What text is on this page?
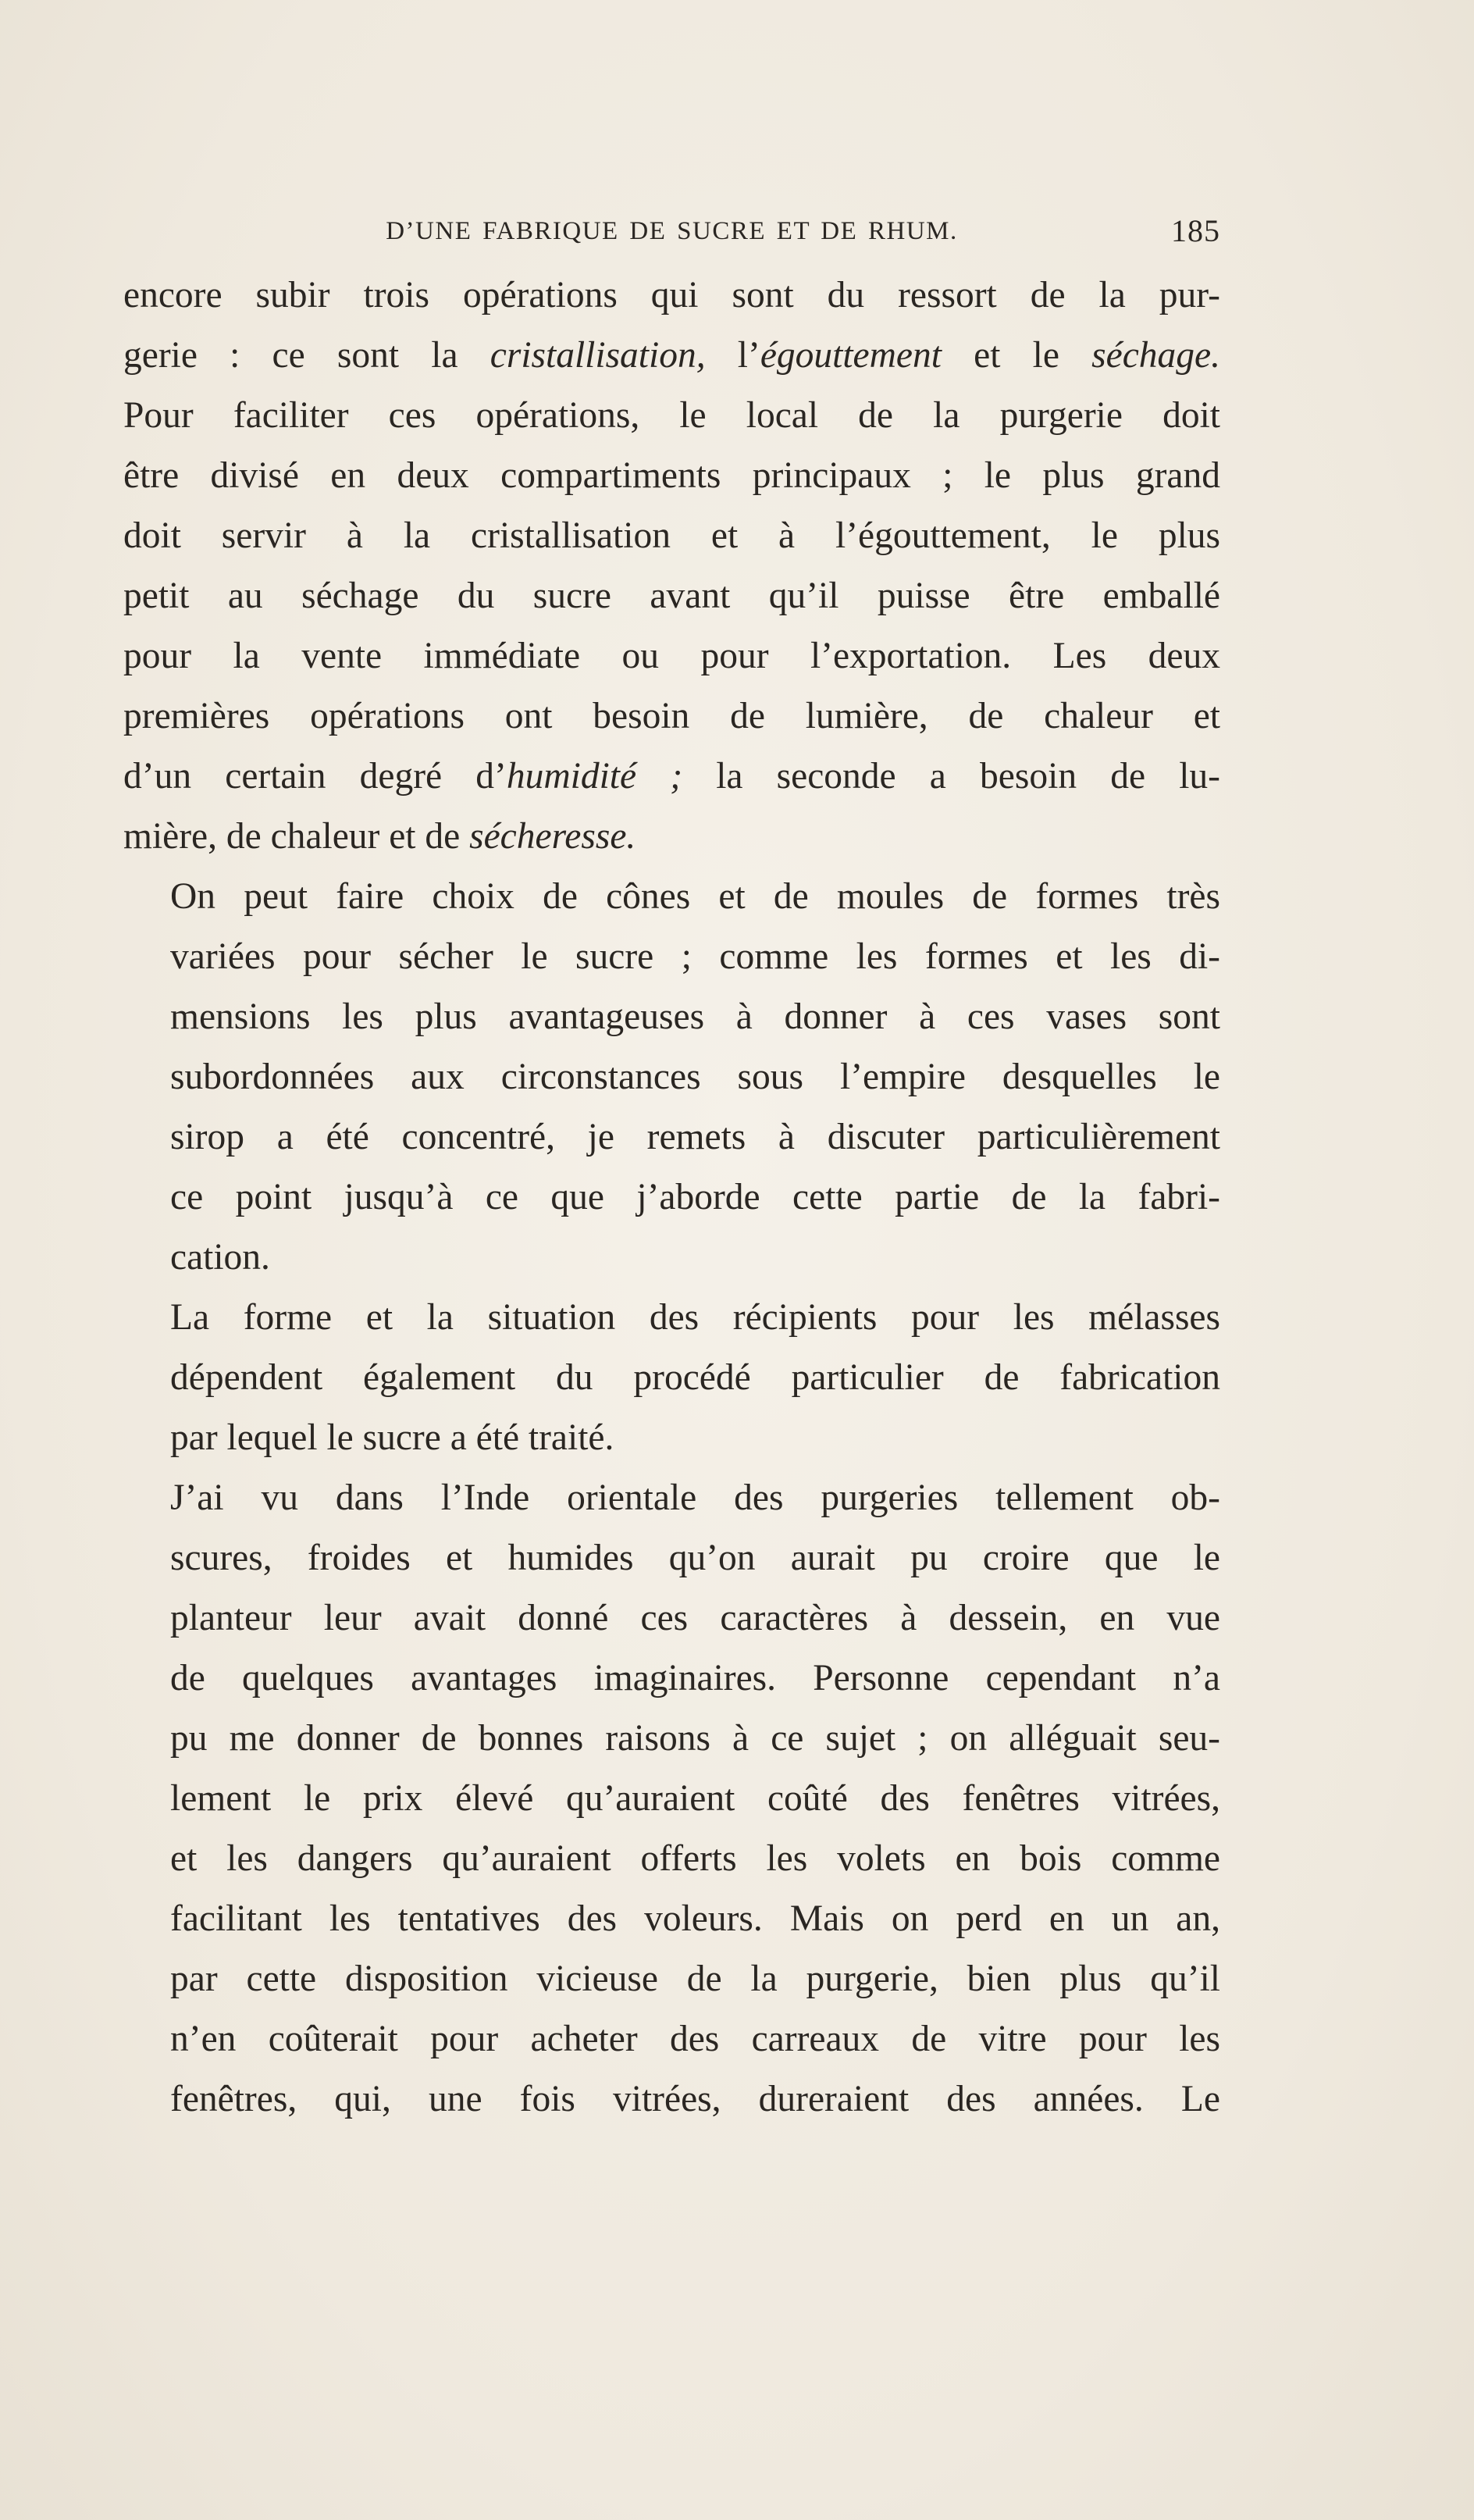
D’UNE FABRIQUE DE SUCRE ET DE RHUM.	185

encore subir trois opérations qui sont du ressort de la pur-
gerie : ce sont la cristallisation, l’égouttement et le séchage.
Pour faciliter ces opérations, le local de la purgerie doit
être divisé en deux compartiments principaux ; le plus grand
doit servir à la cristallisation et à l’égouttement, le plus
petit au séchage du sucre avant qu’il puisse être emballé
pour la vente immédiate ou pour l’exportation. Les deux
premières opérations ont besoin de lumière, de chaleur et
d’un certain degré d’humidité ; la seconde a besoin de lu-
mière, de chaleur et de sécheresse.

On peut faire choix de cônes et de moules de formes très
variées pour sécher le sucre ; comme les formes et les di-
mensions les plus avantageuses à donner à ces vases sont
subordonnées aux circonstances sous l’empire desquelles le
sirop a été concentré, je remets à discuter particulièrement
ce point jusqu’à ce que j’aborde cette partie de la fabri-
cation.

La forme et la situation des récipients pour les mélasses
dépendent également du procédé particulier de fabrication
par lequel le sucre a été traité.

J’ai vu dans l’Inde orientale des purgeries tellement ob-
scures, froides et humides qu’on aurait pu croire que le
planteur leur avait donné ces caractères à dessein, en vue
de quelques avantages imaginaires. Personne cependant n’a
pu me donner de bonnes raisons à ce sujet ; on alléguait seu-
lement le prix élevé qu’auraient coûté des fenêtres vitrées,
et les dangers qu’auraient offerts les volets en bois comme
facilitant les tentatives des voleurs. Mais on perd en un an,
par cette disposition vicieuse de la purgerie, bien plus qu’il
n’en coûterait pour acheter des carreaux de vitre pour les
fenêtres, qui, une fois vitrées, dureraient des années. Le
